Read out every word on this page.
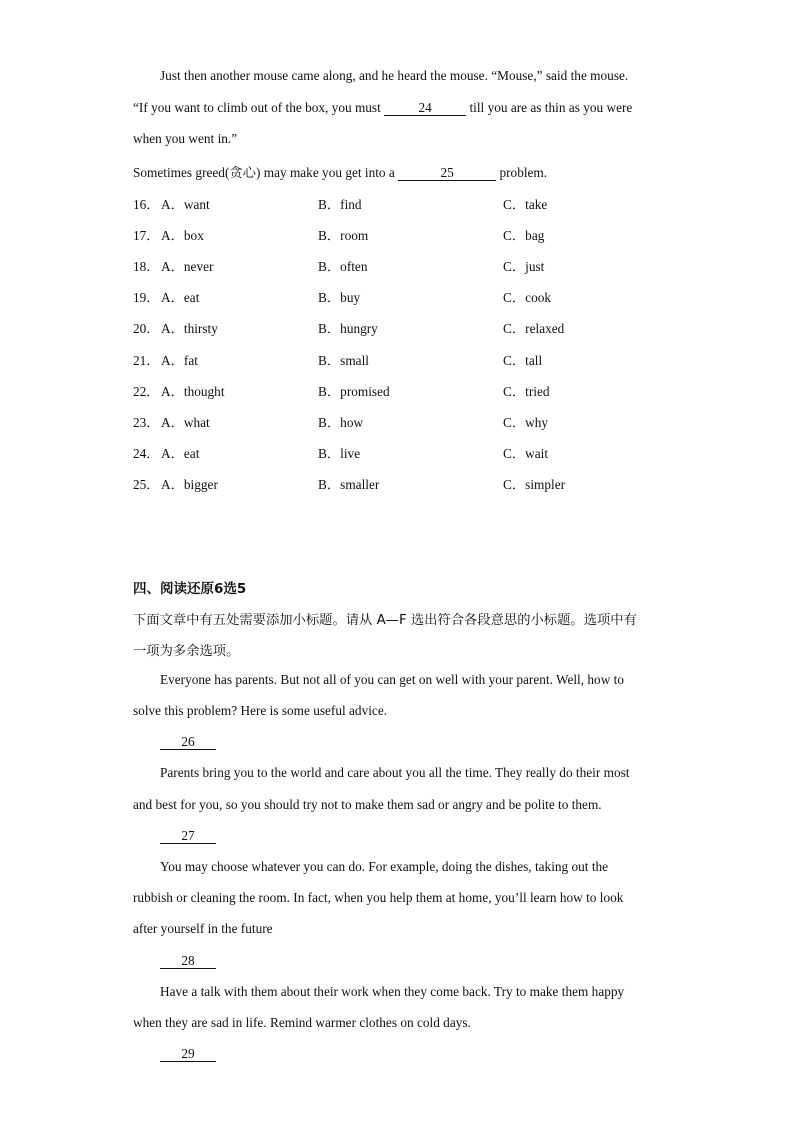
Just then another mouse came along, and he heard the mouse. “Mouse,” said the mouse.
“If you want to climb out of the box, you must	24	till you are as thin as you were
when you went in.”
Sometimes greed(贪心) may make you get into a	25	problem.
16． A．want	B．find	C．take
17． A．box	B．room	C．bag
18． A．never	B．often	C．just
19． A．eat	B．buy	C．cook
20． A．thirsty	B．hungry	C．relaxed
21． A．fat	B．small	C．tall
22． A．thought	B．promised	C．tried
23． A．what	B．how	C．why
24． A．eat	B．live	C．wait
25． A．bigger	B．smaller	C．simpler
四、阅读还原6选5
下面文章中有五处需要添加小标题。请从 A—F 选出符合各段意思的小标题。选项中有
一项为多余选项。
Everyone has parents. But not all of you can get on well with your parent. Well, how to
solve this problem? Here is some useful advice.
26
Parents bring you to the world and care about you all the time. They really do their most
and best for you, so you should try not to make them sad or angry and be polite to them.
27
You may choose whatever you can do. For example, doing the dishes, taking out the
rubbish or cleaning the room. In fact, when you help them at home, you’ll learn how to look
after yourself in the future
28
Have a talk with them about their work when they come back. Try to make them happy
when they are sad in life. Remind warmer clothes on cold days.
29
